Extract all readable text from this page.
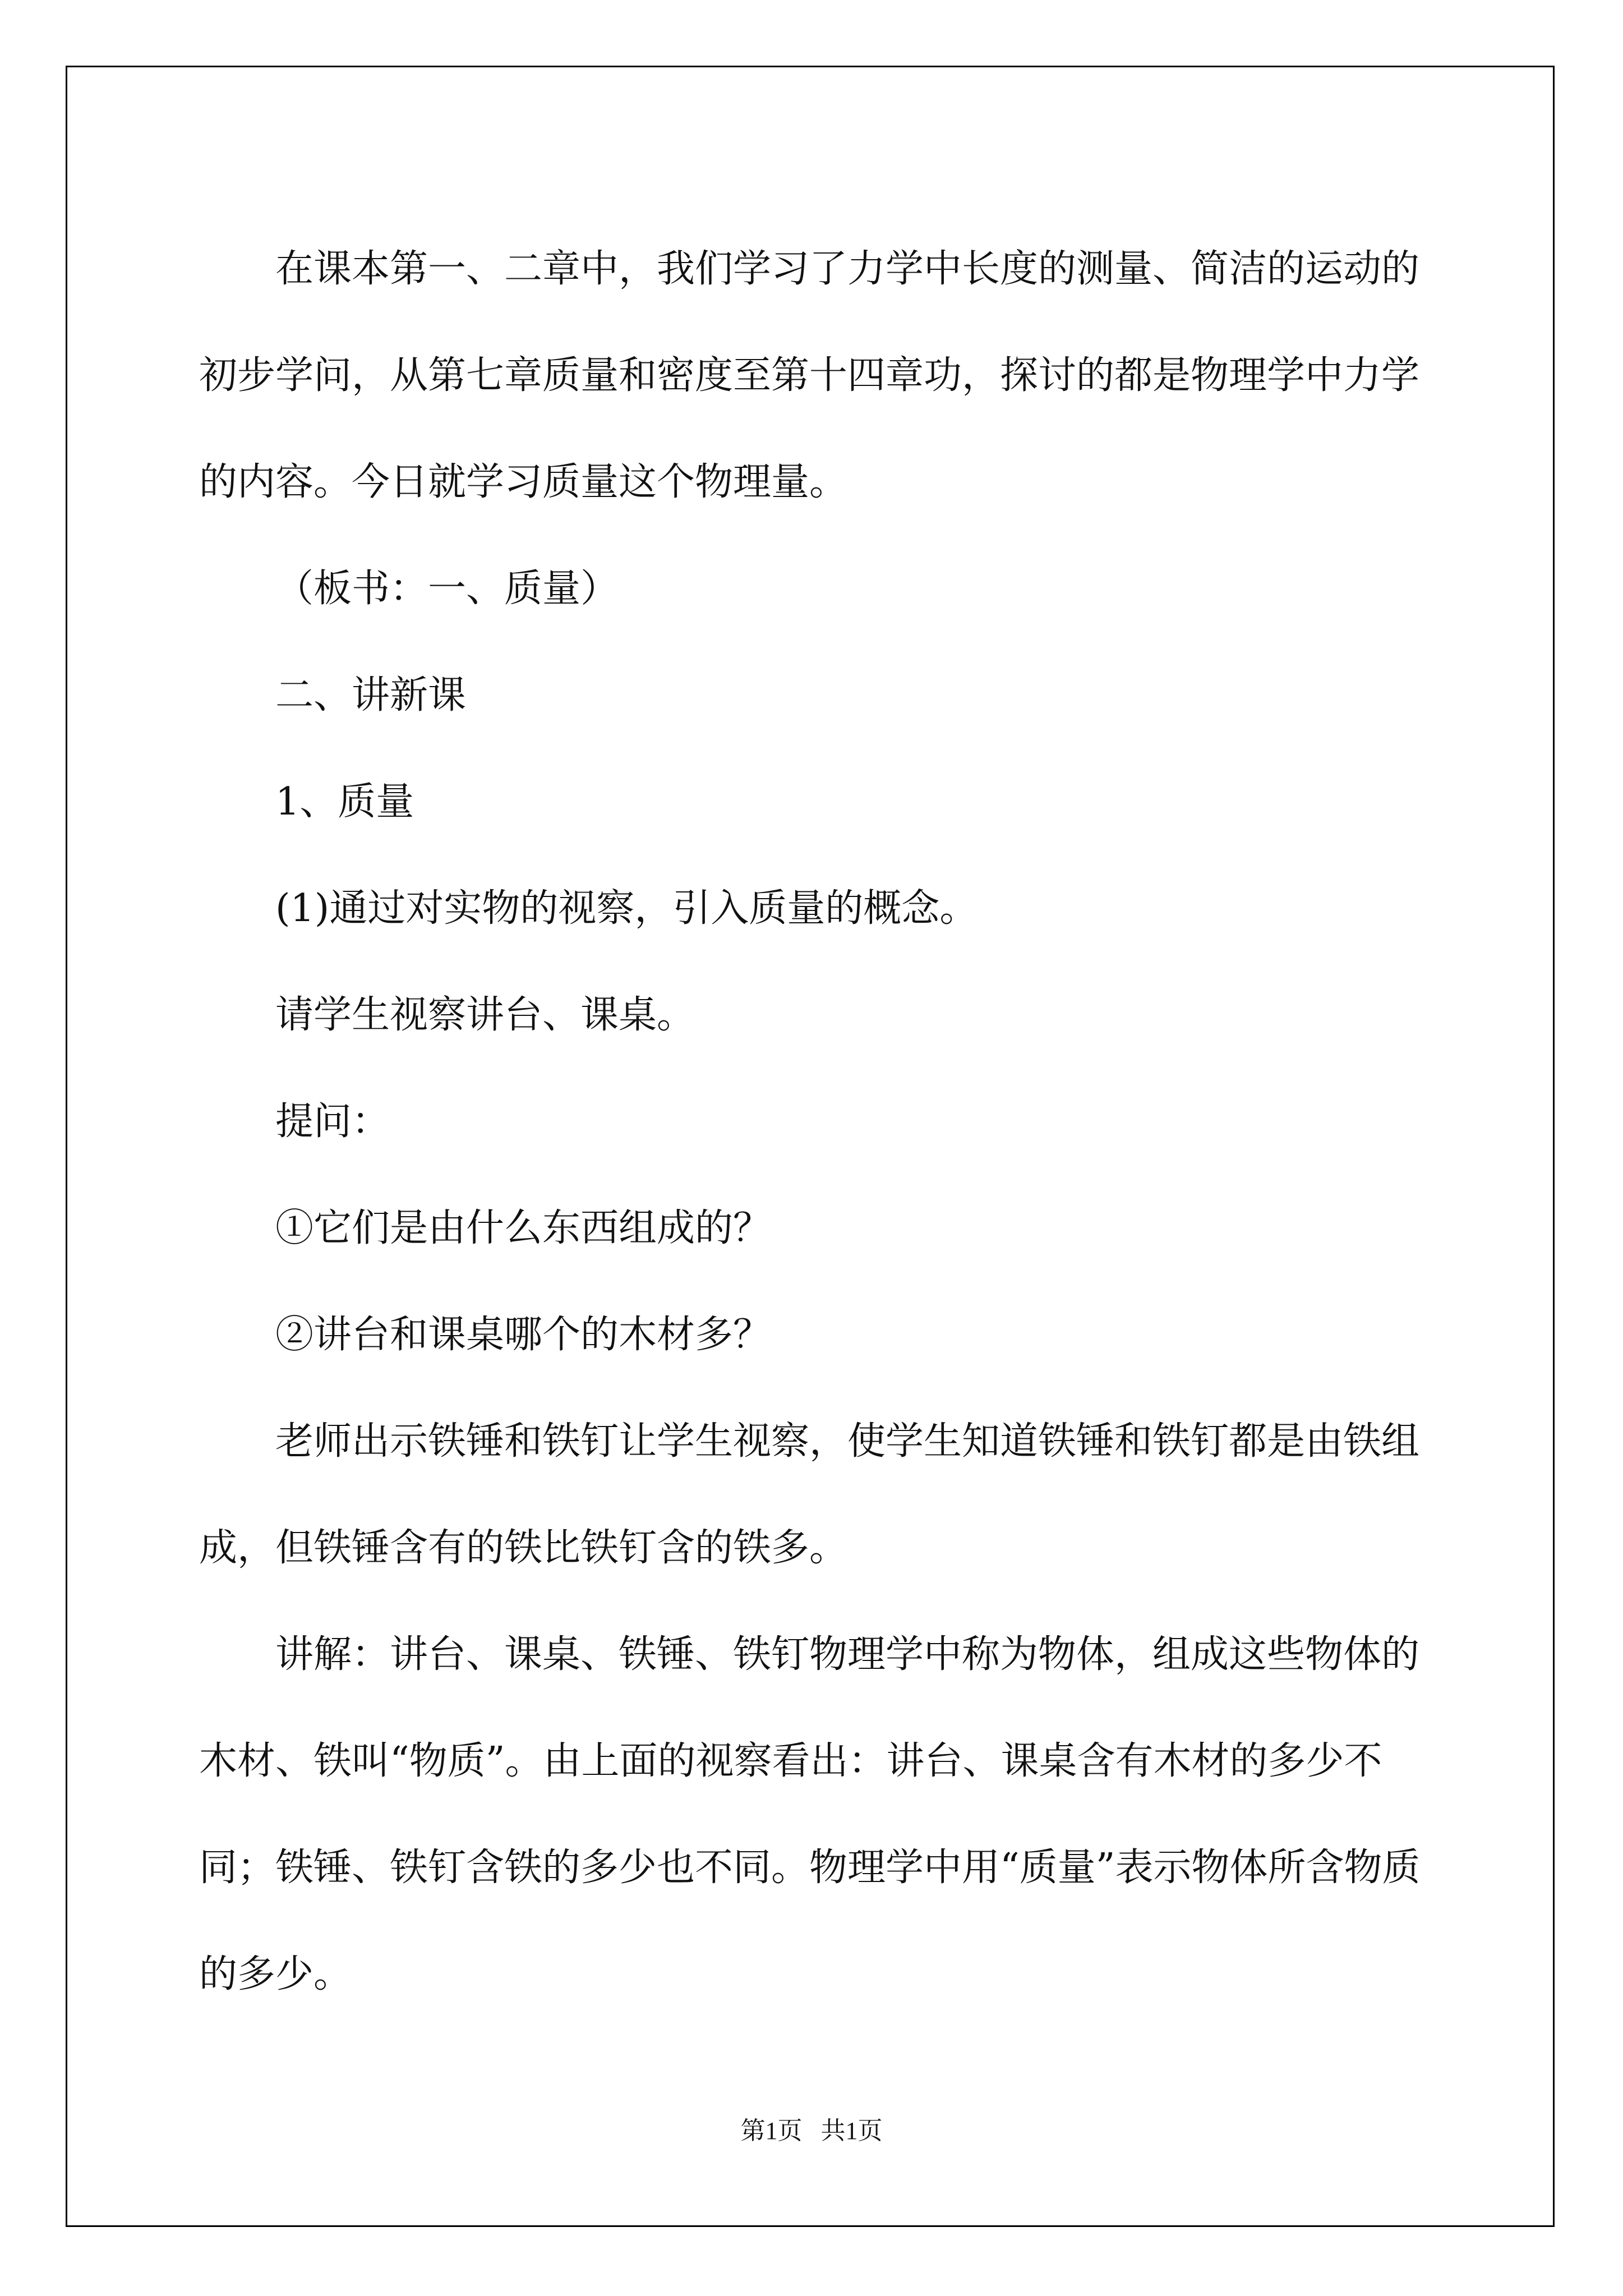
在课本第一、二章中，我们学习了力学中长度的测量、简洁的运动的初步学问，从第七章质量和密度至第十四章功，探讨的都是物理学中力学的内容。今日就学习质量这个物理量。

（板书：一、质量）

二、讲新课

1、质量

(1)通过对实物的视察，引入质量的概念。

请学生视察讲台、课桌。

提问：

①它们是由什么东西组成的？

②讲台和课桌哪个的木材多？

老师出示铁锤和铁钉让学生视察，使学生知道铁锤和铁钉都是由铁组成，但铁锤含有的铁比铁钉含的铁多。

讲解：讲台、课桌、铁锤、铁钉物理学中称为物体，组成这些物体的木材、铁叫“物质”。由上面的视察看出：讲台、课桌含有木材的多少不同；铁锤、铁钉含铁的多少也不同。物理学中用“质量”表示物体所含物质的多少。

第1页 共1页
